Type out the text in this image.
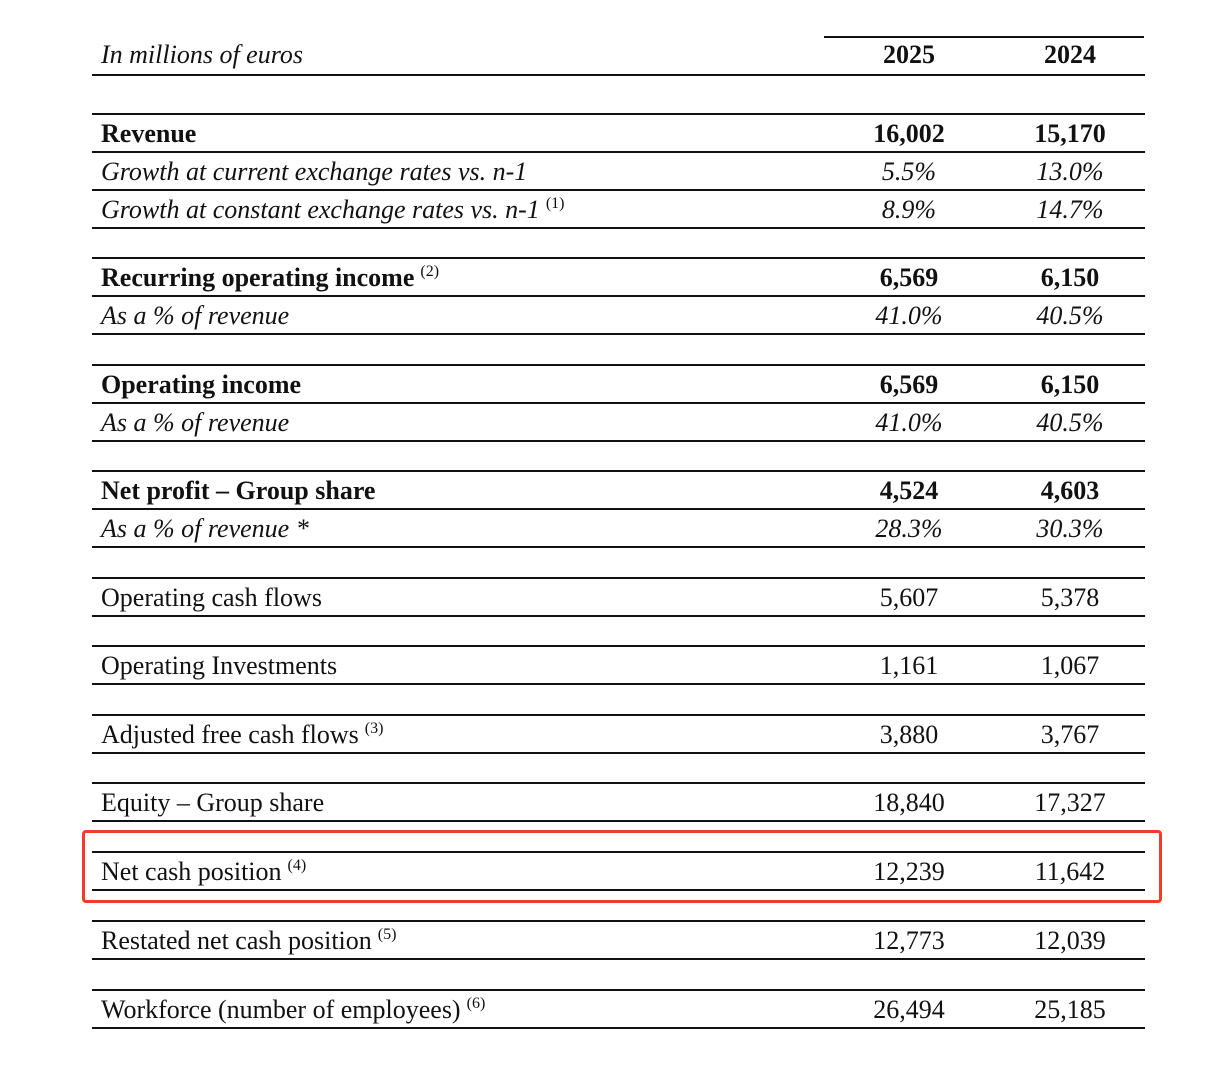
In millions of euros	2025	2024
Revenue	16,002	15,170
Growth at current exchange rates vs. n-1	5.5%	13.0%
Growth at constant exchange rates vs. n-1 $^{(1)}$	8.9%	14.7%
Recurring operating income $^{(2)}$	6,569	6,150
As a % of revenue	41.0%	40.5%
Operating income	6,569	6,150
As a % of revenue	41.0%	40.5%
Net profit – Group share	4,524	4,603
As a % of revenue *	28.3%	30.3%
Operating cash flows	5,607	5,378
Operating Investments	1,161	1,067
Adjusted free cash flows $^{(3)}$	3,880	3,767
Equity – Group share	18,840	17,327
Net cash position $^{(4)}$	12,239	11,642
Restated net cash position $^{(5)}$	12,773	12,039
Workforce (number of employees) $^{(6)}$	26,494	25,185
